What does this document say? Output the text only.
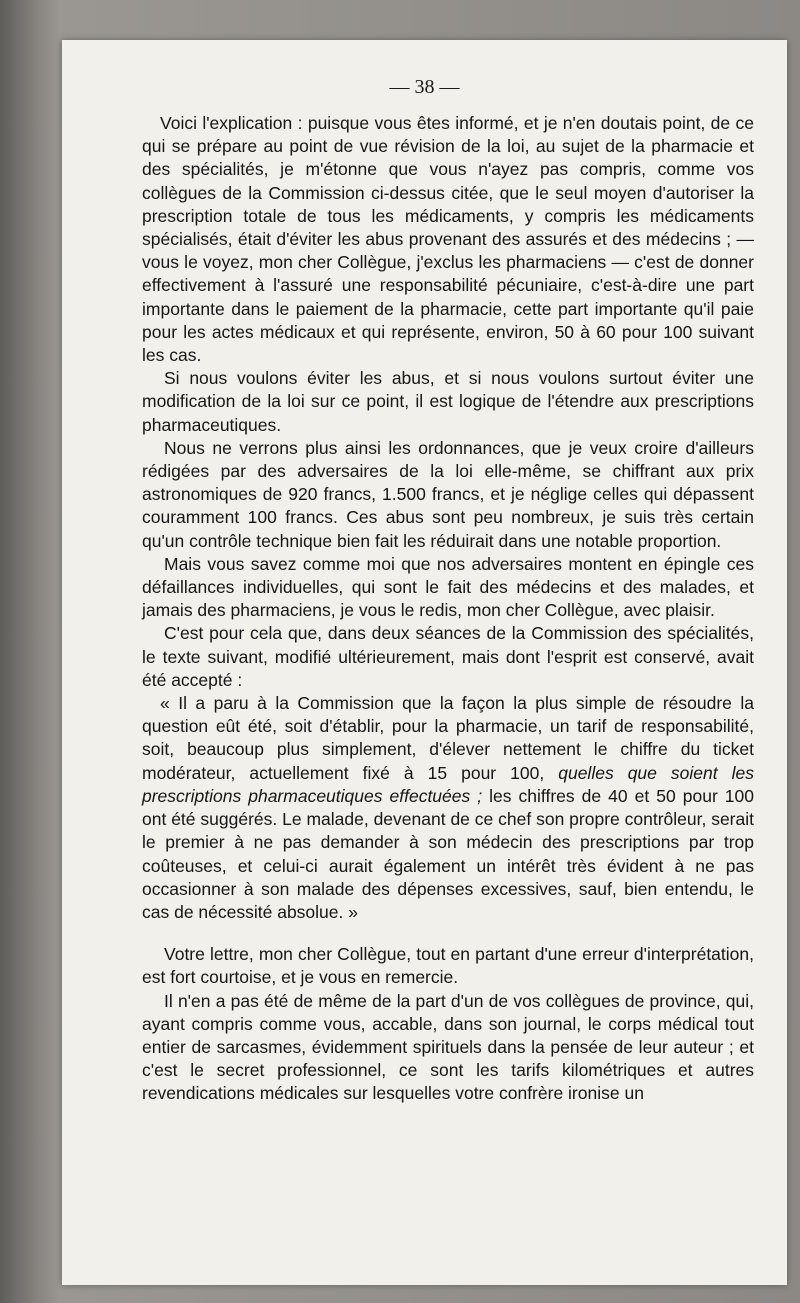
— 38 —

Voici l'explication : puisque vous êtes informé, et je n'en doutais point, de ce qui se prépare au point de vue révision de la loi, au sujet de la pharmacie et des spécialités, je m'étonne que vous n'ayez pas compris, comme vos collègues de la Commission ci-dessus citée, que le seul moyen d'autoriser la prescription totale de tous les médicaments, y compris les médicaments spécialisés, était d'éviter les abus provenant des assurés et des médecins ; — vous le voyez, mon cher Collègue, j'exclus les pharmaciens — c'est de donner effectivement à l'assuré une responsabilité pécuniaire, c'est-à-dire une part importante dans le paiement de la pharmacie, cette part importante qu'il paie pour les actes médicaux et qui représente, environ, 50 à 60 pour 100 suivant les cas.

Si nous voulons éviter les abus, et si nous voulons surtout éviter une modification de la loi sur ce point, il est logique de l'étendre aux prescriptions pharmaceutiques.

Nous ne verrons plus ainsi les ordonnances, que je veux croire d'ailleurs rédigées par des adversaires de la loi elle-même, se chiffrant aux prix astronomiques de 920 francs, 1.500 francs, et je néglige celles qui dépassent couramment 100 francs. Ces abus sont peu nombreux, je suis très certain qu'un contrôle technique bien fait les réduirait dans une notable proportion.

Mais vous savez comme moi que nos adversaires montent en épingle ces défaillances individuelles, qui sont le fait des médecins et des malades, et jamais des pharmaciens, je vous le redis, mon cher Collègue, avec plaisir.

C'est pour cela que, dans deux séances de la Commission des spécialités, le texte suivant, modifié ultérieurement, mais dont l'esprit est conservé, avait été accepté :

« Il a paru à la Commission que la façon la plus simple de résoudre la question eût été, soit d'établir, pour la pharmacie, un tarif de responsabilité, soit, beaucoup plus simplement, d'élever nettement le chiffre du ticket modérateur, actuellement fixé à 15 pour 100, quelles que soient les prescriptions pharmaceutiques effectuées ; les chiffres de 40 et 50 pour 100 ont été suggérés. Le malade, devenant de ce chef son propre contrôleur, serait le premier à ne pas demander à son médecin des prescriptions par trop coûteuses, et celui-ci aurait également un intérêt très évident à ne pas occasionner à son malade des dépenses excessives, sauf, bien entendu, le cas de nécessité absolue. »

Votre lettre, mon cher Collègue, tout en partant d'une erreur d'interprétation, est fort courtoise, et je vous en remercie.

Il n'en a pas été de même de la part d'un de vos collègues de province, qui, ayant compris comme vous, accable, dans son journal, le corps médical tout entier de sarcasmes, évidemment spirituels dans la pensée de leur auteur ; et c'est le secret professionnel, ce sont les tarifs kilométriques et autres revendications médicales sur lesquelles votre confrère ironise un
